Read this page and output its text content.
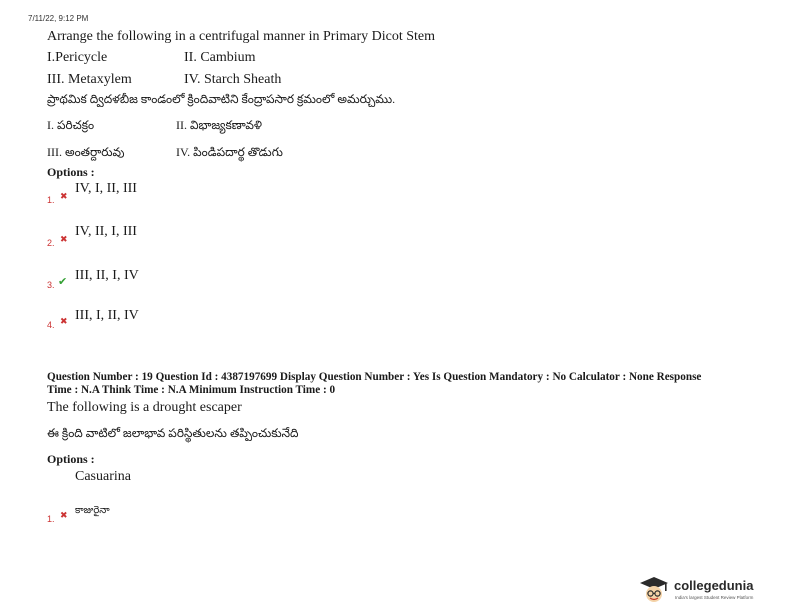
7/11/22, 9:12 PM
Arrange the following in a centrifugal manner in Primary Dicot Stem
I.Pericycle	II. Cambium
III. Metaxylem	IV. Starch Sheath
ప్రాథమిక ద్విదళబీజ కాండంలో క్రిందివాటిని కేంద్రాపసార క్రమంలో అమర్చుము.
I. పరిచక్రం	II. విభాజ్యకణావళి
III. అంతర్దారువు	IV. పిండిపదార్థ తొడుగు
Options :
1. ✖
IV, I, II, III
2. ✖
IV, II, I, III
3. ✔ III, II, I, IV
4. ✖ III, I, II, IV
Question Number : 19 Question Id : 4387197699 Display Question Number : Yes Is Question Mandatory : No Calculator : None Response
Time : N.A Think Time : N.A Minimum Instruction Time : 0
The following is a drought escaper
ఈ క్రింది వాటిలో జలాభావ పరిస్థితులను తప్పించుకునేది
Options :
Casuarina
1. ✖ కాజురైనా
collegedunia
India's largest Student Review Platform
